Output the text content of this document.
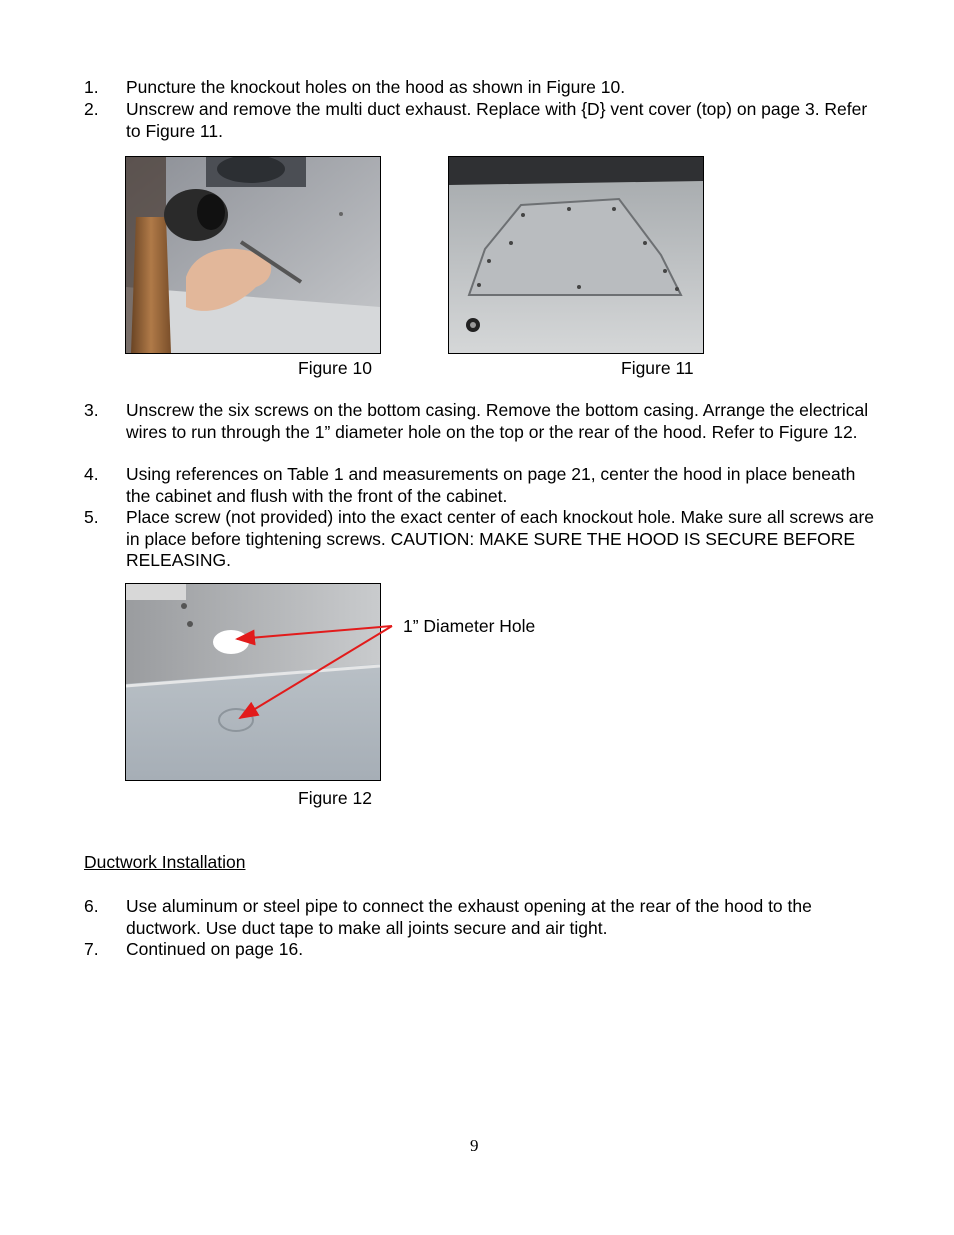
1. Puncture the knockout holes on the hood as shown in Figure 10.
2. Unscrew and remove the multi duct exhaust. Replace with {D} vent cover (top) on page 3. Refer to Figure 11.
Figure 10	Figure 11
3. Unscrew the six screws on the bottom casing. Remove the bottom casing. Arrange the electrical wires to run through the 1” diameter hole on the top or the rear of the hood. Refer to Figure 12.
4. Using references on Table 1 and measurements on page 21, center the hood in place beneath the cabinet and flush with the front of the cabinet.
5. Place screw (not provided) into the exact center of each knockout hole. Make sure all screws are in place before tightening screws. CAUTION: MAKE SURE THE HOOD IS SECURE BEFORE RELEASING.
1” Diameter Hole
Figure 12
Ductwork Installation
6. Use aluminum or steel pipe to connect the exhaust opening at the rear of the hood to the ductwork. Use duct tape to make all joints secure and air tight.
7. Continued on page 16.
9
